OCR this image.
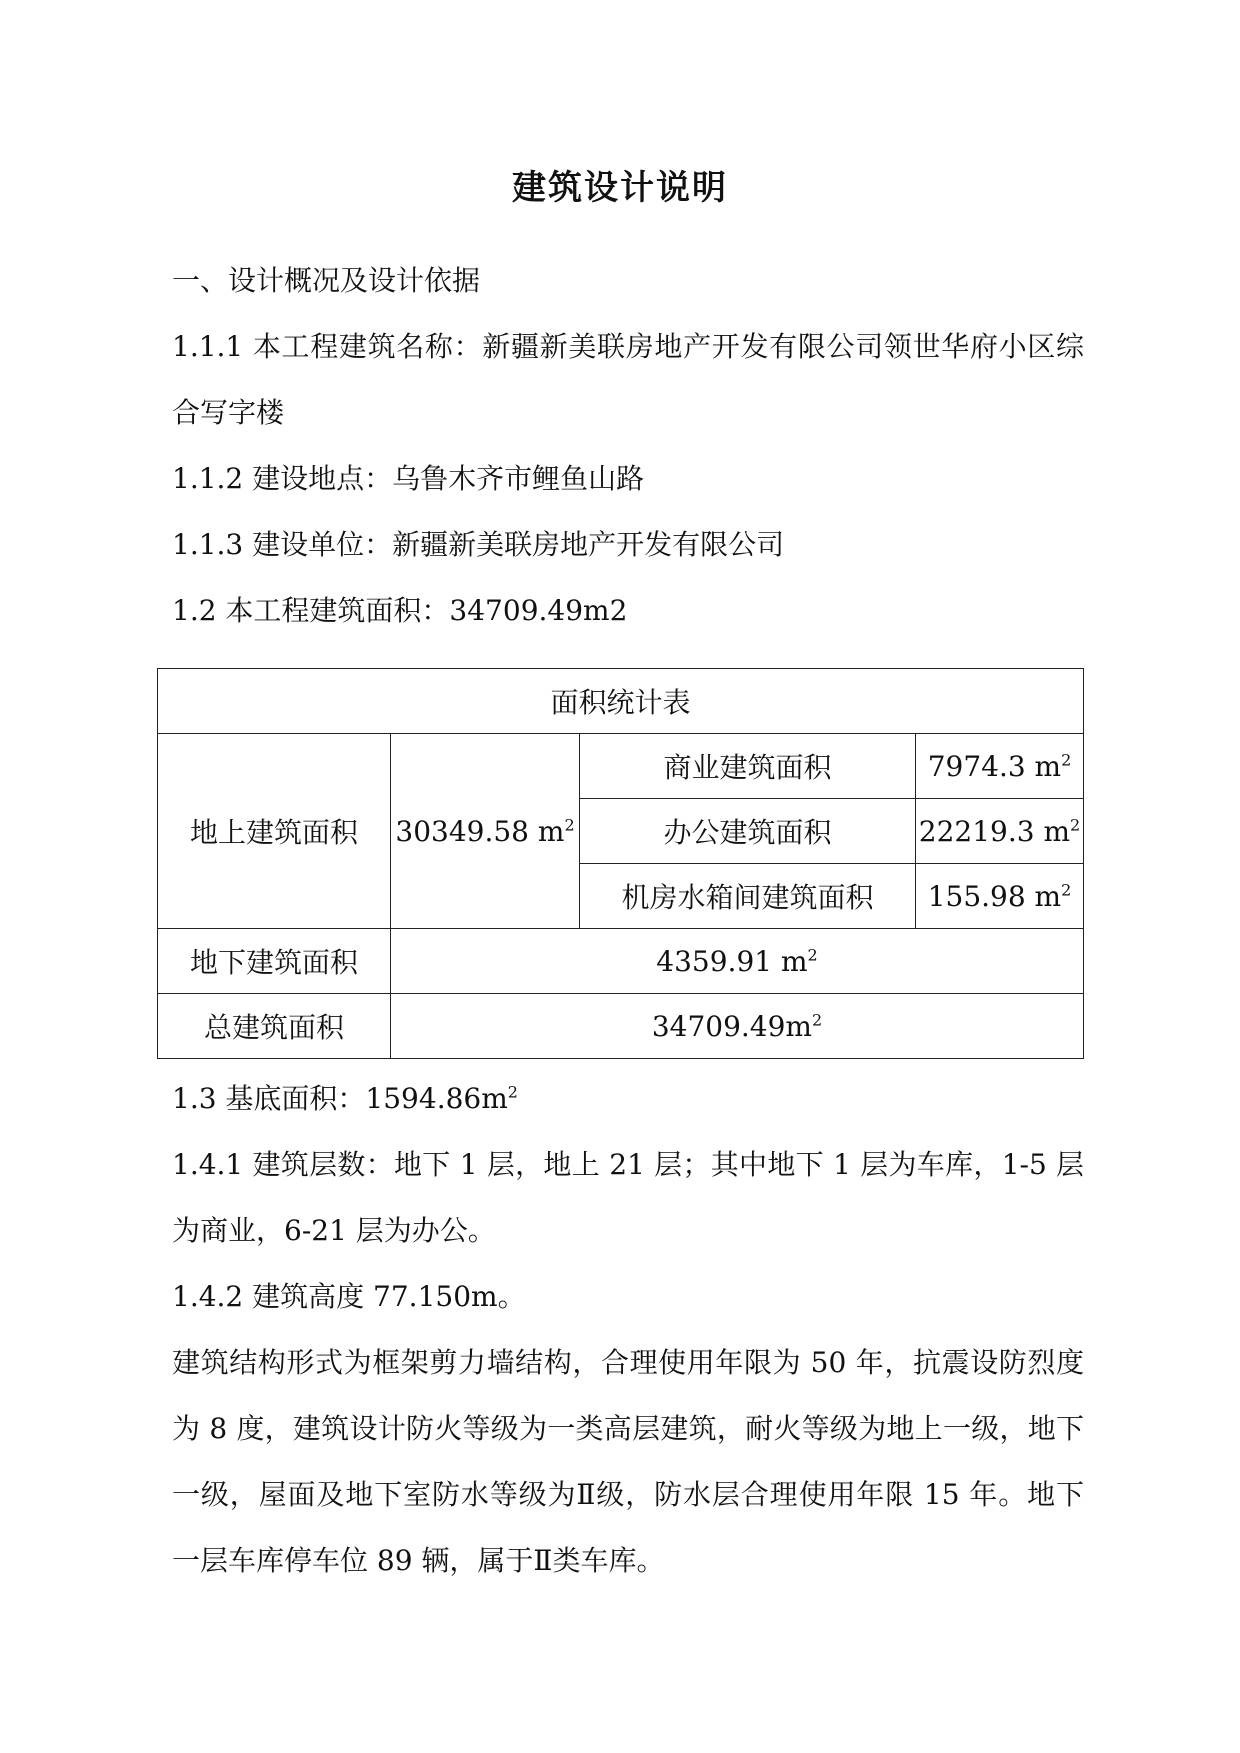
建筑设计说明
一、设计概况及设计依据
1.1.1 本工程建筑名称：新疆新美联房地产开发有限公司领世华府小区综合写字楼
1.1.2 建设地点：乌鲁木齐市鲤鱼山路
1.1.3 建设单位：新疆新美联房地产开发有限公司
1.2 本工程建筑面积：34709.49m2
面积统计表			
地上建筑面积	30349.58 $m^2$	商业建筑面积	7974.3 $m^2$
		办公建筑面积	22219.3 $m^2$
		机房水箱间建筑面积	155.98 $m^2$
地下建筑面积	4359.91 $m^2$
总建筑面积	$34709.49m^2$
1.3 基底面积：$1594.86m^2$
1.4.1 建筑层数：地下 1 层，地上 21 层；其中地下 1 层为车库，1-5 层为商业，6-21 层为办公。
1.4.2 建筑高度 77.150m。
建筑结构形式为框架剪力墙结构，合理使用年限为 50 年，抗震设防烈度为 8 度，建筑设计防火等级为一类高层建筑，耐火等级为地上一级，地下一级，屋面及地下室防水等级为Ⅱ级，防水层合理使用年限 15 年。地下一层车库停车位 89 辆，属于Ⅱ类车库。
